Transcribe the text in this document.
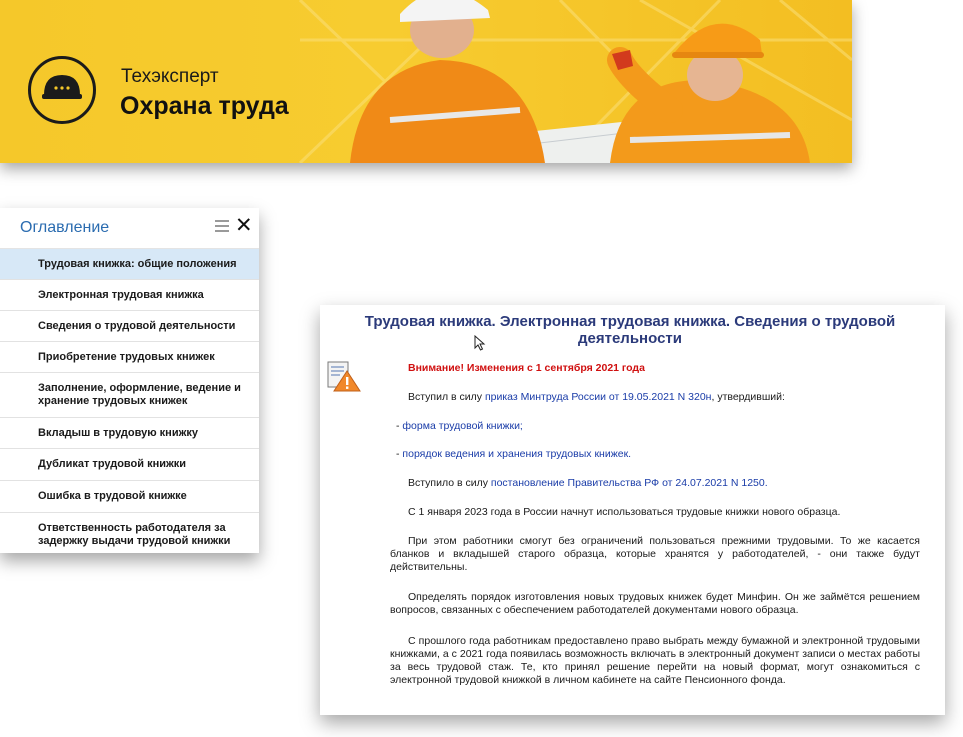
Техэксперт
Охрана труда
Оглавление	✕
Трудовая книжка: общие положения
Электронная трудовая книжка
Сведения о трудовой деятельности
Приобретение трудовых книжек
Заполнение, оформление, ведение и хранение трудовых книжек
Вкладыш в трудовую книжку
Дубликат трудовой книжки
Ошибка в трудовой книжке
Ответственность работодателя за задержку выдачи трудовой книжки
Трудовая книжка. Электронная трудовая книжка. Сведения о трудовой деятельности

Внимание! Изменения с 1 сентября 2021 года

Вступил в силу приказ Минтруда России от 19.05.2021 N 320н, утвердивший:

- форма трудовой книжки;

- порядок ведения и хранения трудовых книжек.

Вступило в силу постановление Правительства РФ от 24.07.2021 N 1250.

С 1 января 2023 года в России начнут использоваться трудовые книжки нового образца.

При этом работники смогут без ограничений пользоваться прежними трудовыми. То же касается бланков и вкладышей старого образца, которые хранятся у работодателей, - они также будут действительны.

Определять порядок изготовления новых трудовых книжек будет Минфин. Он же займётся решением вопросов, связанных с обеспечением работодателей документами нового образца.

С прошлого года работникам предоставлено право выбрать между бумажной и электронной трудовыми книжками, а с 2021 года появилась возможность включать в электронный документ записи о местах работы за весь трудовой стаж. Те, кто принял решение перейти на новый формат, могут ознакомиться с электронной трудовой книжкой в личном кабинете на сайте Пенсионного фонда.
